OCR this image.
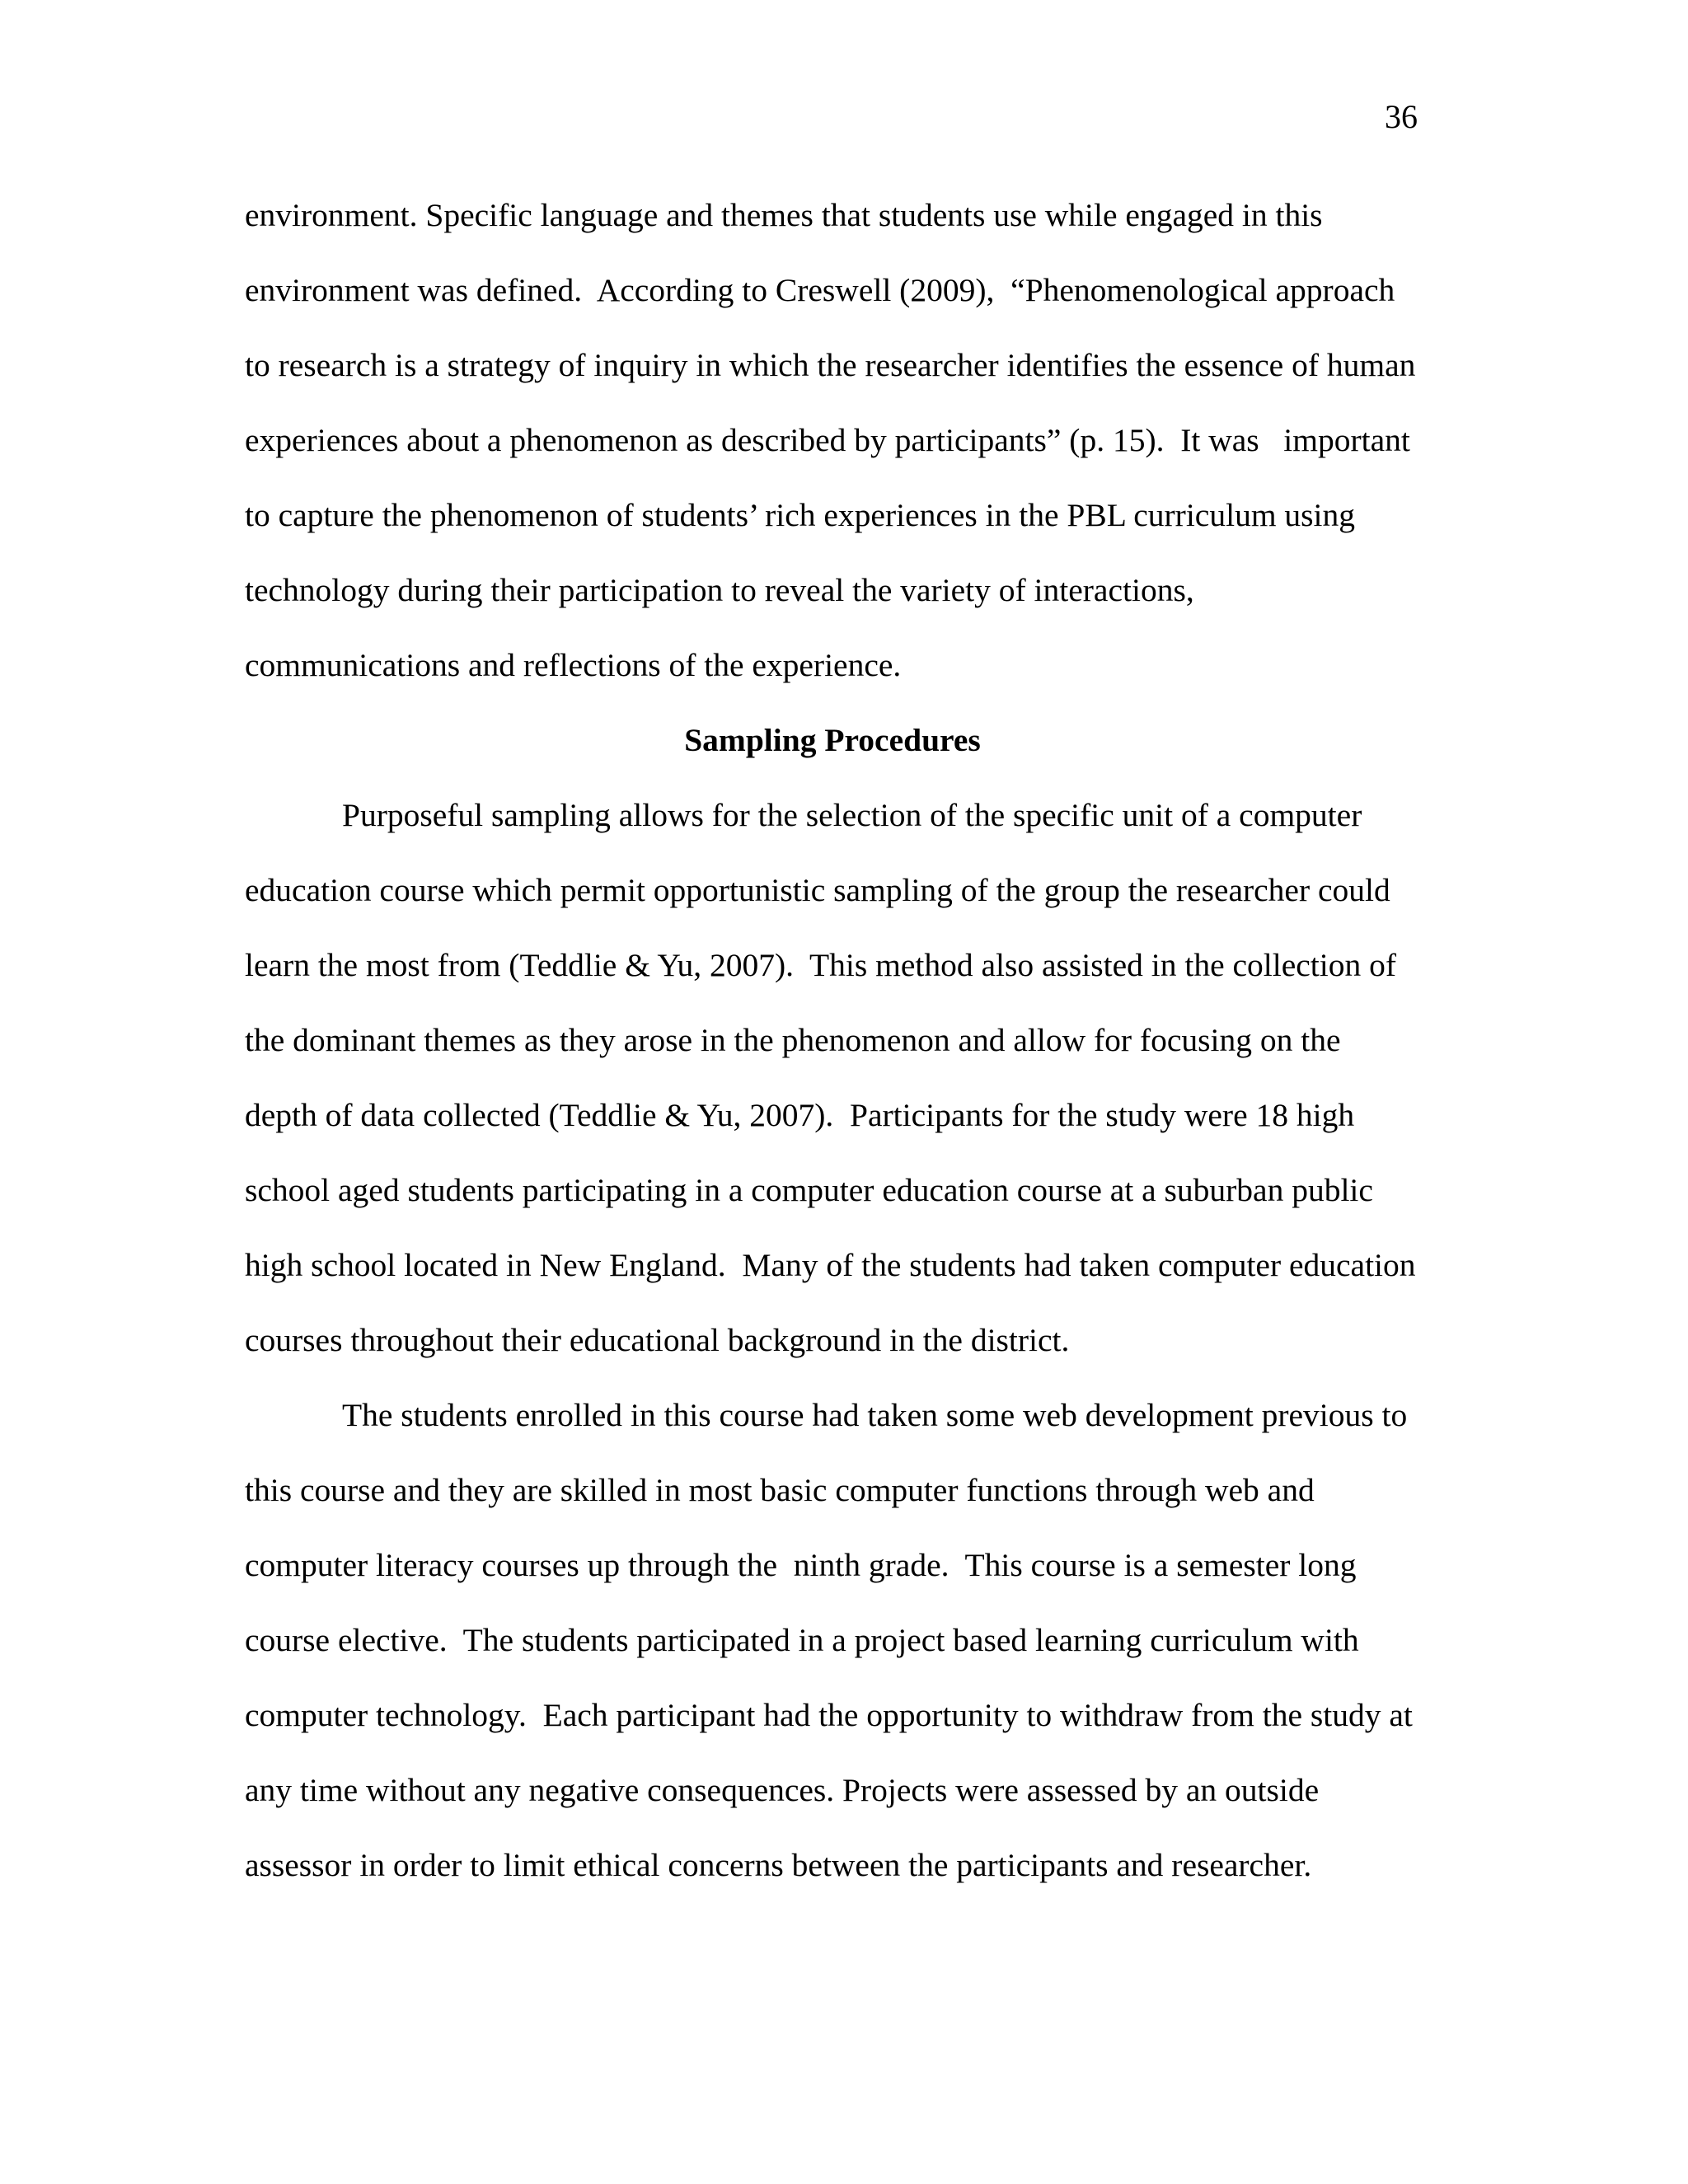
36
environment. Specific language and themes that students use while engaged in this
environment was defined.  According to Creswell (2009),  “Phenomenological approach
to research is a strategy of inquiry in which the researcher identifies the essence of human
experiences about a phenomenon as described by participants” (p. 15).  It was   important
to capture the phenomenon of students’ rich experiences in the PBL curriculum using
technology during their participation to reveal the variety of interactions,
communications and reflections of the experience.
Sampling Procedures
Purposeful sampling allows for the selection of the specific unit of a computer
education course which permit opportunistic sampling of the group the researcher could
learn the most from (Teddlie & Yu, 2007).  This method also assisted in the collection of
the dominant themes as they arose in the phenomenon and allow for focusing on the
depth of data collected (Teddlie & Yu, 2007).  Participants for the study were 18 high
school aged students participating in a computer education course at a suburban public
high school located in New England.  Many of the students had taken computer education
courses throughout their educational background in the district.
The students enrolled in this course had taken some web development previous to
this course and they are skilled in most basic computer functions through web and
computer literacy courses up through the  ninth grade.  This course is a semester long
course elective.  The students participated in a project based learning curriculum with
computer technology.  Each participant had the opportunity to withdraw from the study at
any time without any negative consequences. Projects were assessed by an outside
assessor in order to limit ethical concerns between the participants and researcher.
